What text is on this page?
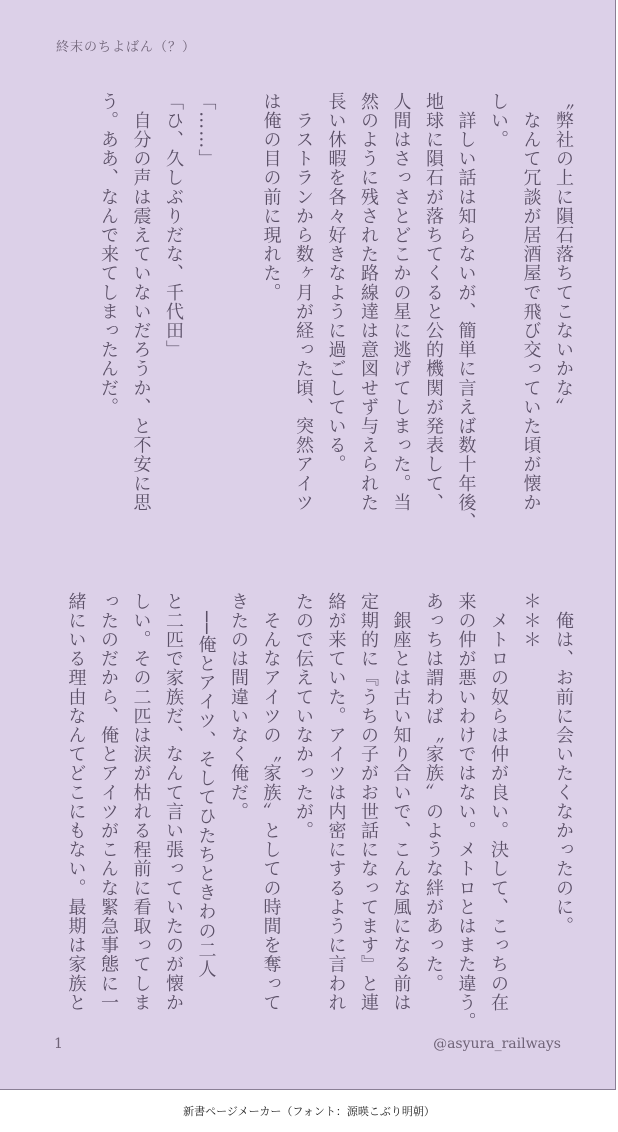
終末のちよばん（？）
〝弊社の上に隕石落ちてこないかな〟
　なんて冗談が居酒屋で飛び交っていた頃が懐か
しい。
　詳しい話は知らないが、簡単に言えば数十年後、
地球に隕石が落ちてくると公的機関が発表して、
人間はさっさとどこかの星に逃げてしまった。当
然のように残された路線達は意図せず与えられた
長い休暇を各々好きなように過ごしている。
　ラストランから数ヶ月が経った頃、突然アイツ
は俺の目の前に現れた。

「……」
「ひ、久しぶりだな、千代田」
　自分の声は震えていないだろうか、と不安に思
う。ああ、なんで来てしまったんだ。
　俺は、お前に会いたくなかったのに。
＊＊＊
　メトロの奴らは仲が良い。決して、こっちの在
来の仲が悪いわけではない。メトロとはまた違う。
あっちは謂わば〝家族〟のような絆があった。
　銀座とは古い知り合いで、こんな風になる前は
定期的に『うちの子がお世話になってます』と連
絡が来ていた。アイツは内密にするように言われ
たので伝えていなかったが。
　そんなアイツの〝家族〟としての時間を奪って
きたのは間違いなく俺だ。
　──俺とアイツ、そしてひたちときわの二人
と二匹で家族だ、なんて言い張っていたのが懐か
しい。その二匹は涙が枯れる程前に看取ってしま
ったのだから、俺とアイツがこんな緊急事態に一
緒にいる理由なんてどこにもない。最期は家族と
1	@asyura_railways
新書ページメーカー（フォント：源暎こぶり明朝）
